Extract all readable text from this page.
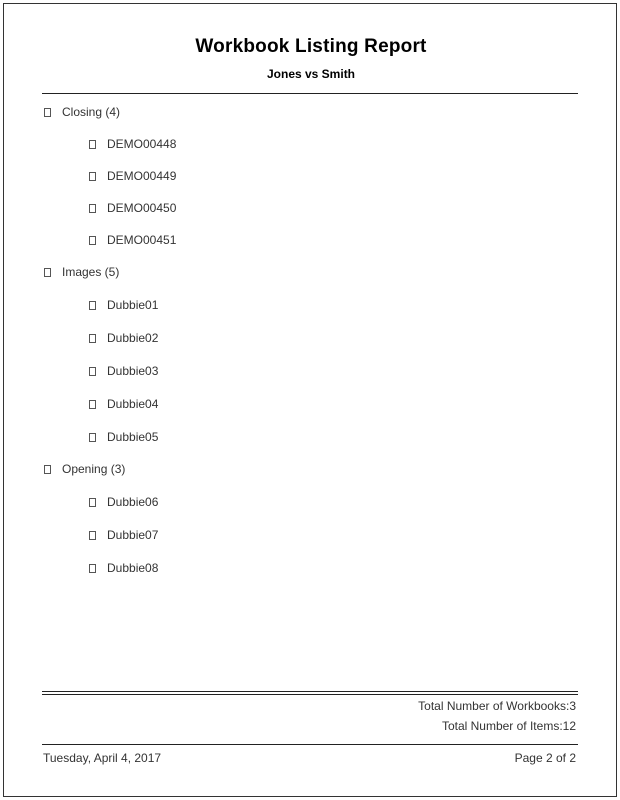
Workbook Listing Report
Jones vs Smith
Closing (4)
DEMO00448
DEMO00449
DEMO00450
DEMO00451
Images (5)
Dubbie01
Dubbie02
Dubbie03
Dubbie04
Dubbie05
Opening (3)
Dubbie06
Dubbie07
Dubbie08
Total Number of Workbooks:3
Total Number of Items:12
Tuesday, April 4, 2017	Page 2 of 2
